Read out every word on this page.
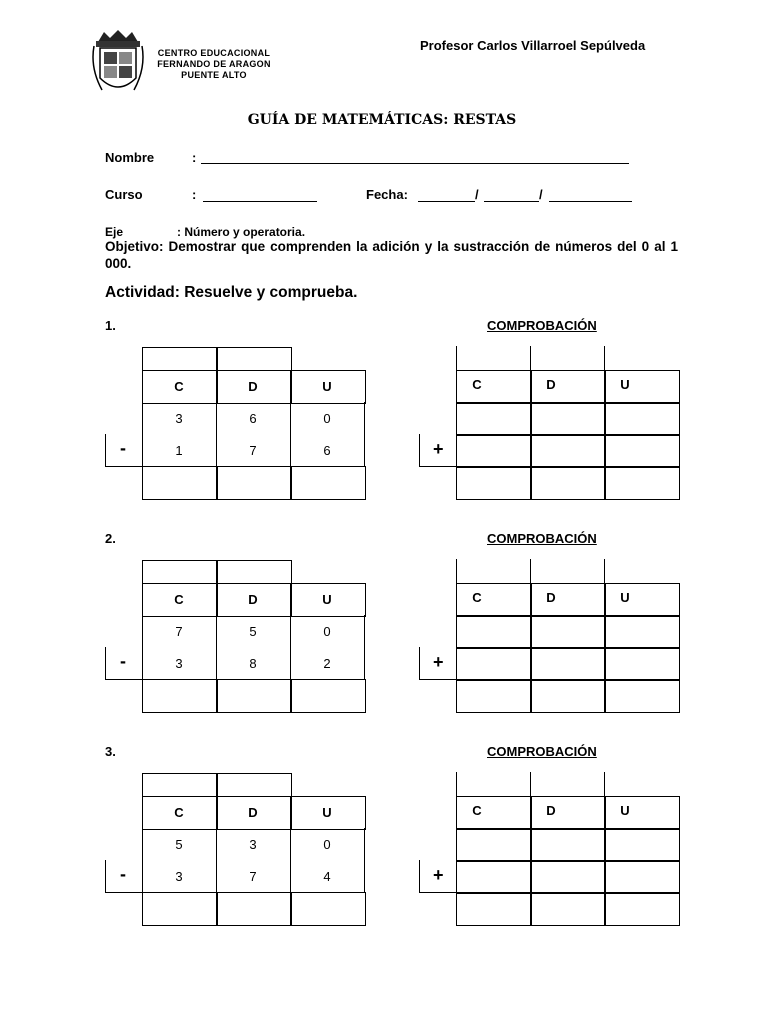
Profesor Carlos Villarroel Sepúlveda
CENTRO EDUCACIONAL
FERNANDO DE ARAGON
PUENTE ALTO
GUÍA DE MATEMÁTICAS: RESTAS
Nombre	:
Curso	:	Fecha:	/	/
Eje	: Número y operatoria.
Objetivo: Demostrar que comprenden la adición y la sustracción de números del 0 al 1 000.
Actividad: Resuelve y comprueba.
1.	COMPROBACIÓN
C	D	U
3	6	0
1	7	6
-
C	D	U
+
2.	COMPROBACIÓN
C	D	U
7	5	0
3	8	2
-
C	D	U
+
3.	COMPROBACIÓN
C	D	U
5	3	0
3	7	4
-
C	D	U
+
